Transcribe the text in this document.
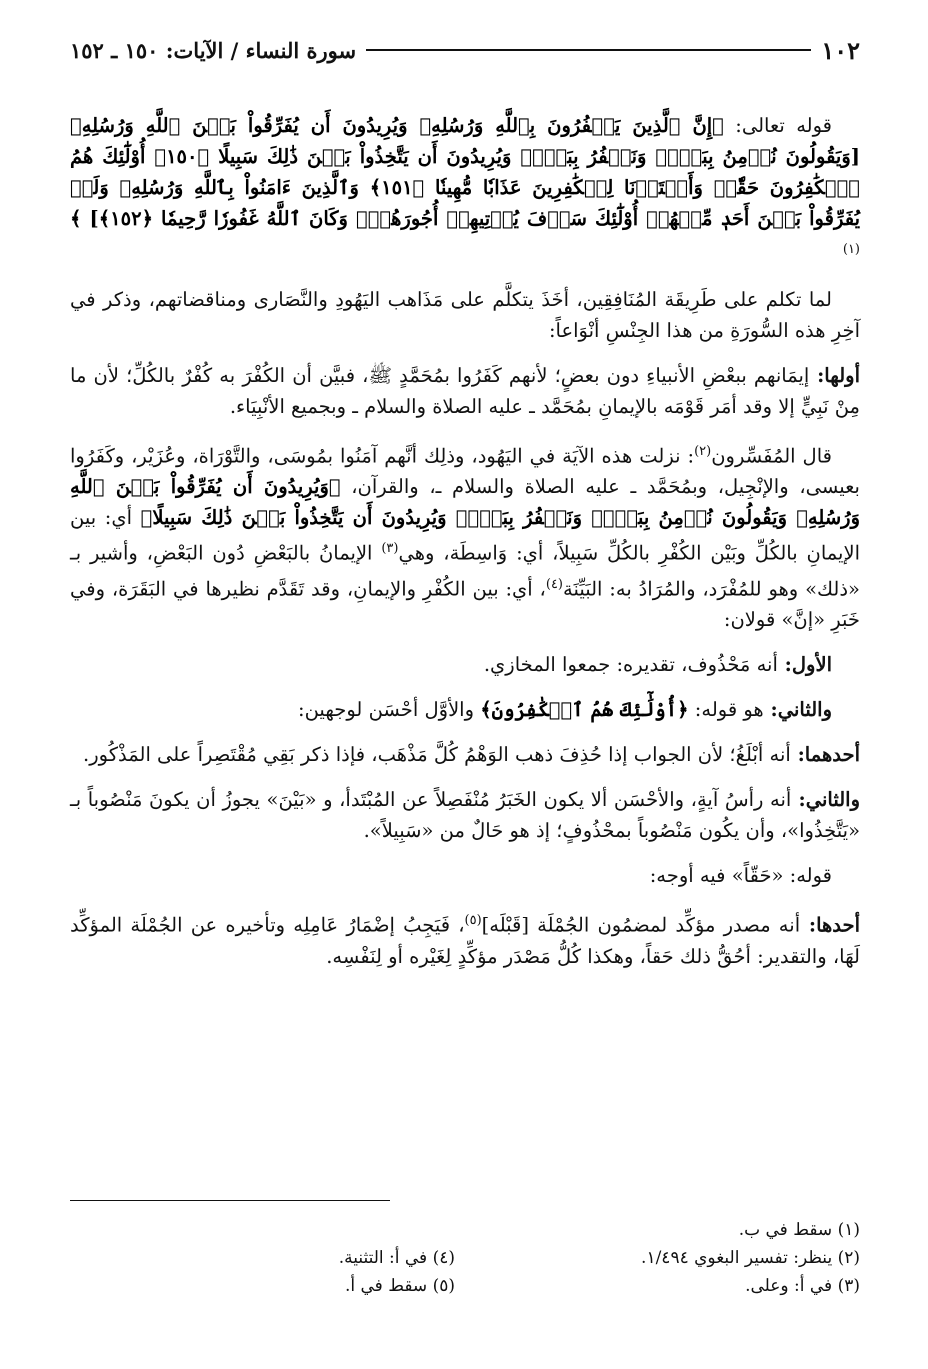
١٠٢
سورة النساء / الآيات: ١٥٠ ـ ١٥٢

قوله تعالى: ﴿إِنَّ ٱلَّذِينَ يَكۡفُرُونَ بِٱللَّهِ وَرُسُلِهِۦ وَيُرِيدُونَ أَن يُفَرِّقُواْ بَيۡنَ ٱللَّهِ وَرُسُلِهِۦ [وَيَقُولُونَ نُؤۡمِنُ بِبَعۡضٖ وَنَكۡفُرُ بِبَعۡضٖ وَيُرِيدُونَ أَن يَتَّخِذُواْ بَيۡنَ ذَٰلِكَ سَبِيلًا ﴿١٥٠﴾ أُوْلَٰٓئِكَ هُمُ ٱلۡكَٰفِرُونَ حَقّٗاۚ وَأَعۡتَدۡنَا لِلۡكَٰفِرِينَ عَذَابٗا مُّهِينٗا ﴿١٥١﴾ وَٱلَّذِينَ ءَامَنُواْ بِٱللَّهِ وَرُسُلِهِۦ وَلَمۡ يُفَرِّقُواْ بَيۡنَ أَحَدٖ مِّنۡهُمۡ أُوْلَٰٓئِكَ سَوۡفَ يُؤۡتِيهِمۡ أُجُورَهُمۡۚ وَكَانَ ٱللَّهُ غَفُورٗا رَّحِيمٗا ﴿١٥٢﴾] ﴾$^{(١)}$

لما تكلم على طَرِيقَة المُنَافِقِين، أخَذَ يتكلَّم على مَذَاهب اليَهُودِ والنَّصَارى ومناقضاتهم، وذكر في آخِرِ هذه السُّورَةِ من هذا الجِنْسِ أنْوَاعاً:

أولها: إيمَانهم ببعْضِ الأنبياءِ دون بعضٍ؛ لأنهم كَفَرُوا بمُحَمَّدٍ ﷺ، فبيَّن أن الكُفْرَ به كُفْرٌ بالكُلِّ؛ لأن ما مِنْ نَبِيٍّ إلا وقد أمَر قَوْمَه بالإيمانِ بمُحَمَّد ـ عليه الصلاة والسلام ـ وبجميع الأنْبِيَاء.

قال المُفَسِّرون$^{(٢)}$: نزلت هذه الآيَة في اليَهُود، وذلِك أنَّهم آمَنُوا بمُوسَى، والتَّوْرَاة، وعُزَيْر، وكَفَرُوا بعيسى، والإنْجِيل، وبمُحَمَّد ـ عليه الصلاة والسلام ـ، والقرآن، ﴿وَيُرِيدُونَ أَن يُفَرِّقُواْ بَيۡنَ ٱللَّهِ وَرُسُلِهِۦ وَيَقُولُونَ نُؤۡمِنُ بِبَعۡضٖ وَنَكۡفُرُ بِبَعۡضٖ وَيُرِيدُونَ أَن يَتَّخِذُواْ بَيۡنَ ذَٰلِكَ سَبِيلًا﴾ أي: بين الإيمانِ بالكُلِّ وبَيْن الكُفْرِ بالكُلِّ سَبِيلاً، أي: وَاسِطَة، وهي$^{(٣)}$ الإيمانُ بالبَعْضِ دُون البَعْضِ، وأشير بـ «ذلك» وهو للمُفْرَد، والمُرَادُ به: البَيِّنَة$^{(٤)}$، أي: بين الكُفْرِ والإيمانِ، وقد تَقَدَّم نظيرها في البَقَرَة، وفي خَبَرِ «إنَّ» قولان:

الأول: أنه مَحْذُوف، تقديره: جمعوا المخازي.

والثاني: هو قوله: ﴿أُوْلَٰٓئِكَ هُمُ ٱلۡكَٰفِرُونَ﴾ والأوَّل أحْسَن لوجهين:

أحدهما: أنه أبْلَغُ؛ لأن الجواب إذا حُذِفَ ذهب الوَهْمُ كُلَّ مَذْهَب، فإذا ذكر بَقِي مُقْتَصِراً على المَذْكُور.

والثاني: أنه رأسُ آيةٍ، والأحْسَن ألا يكون الخَبَرُ مُنْفَصِلاً عن المُبْتَدأ، و «بَيْنَ» يجوزُ أن يكونَ مَنْصُوباً بـ «يَتَّخِذُوا»، وأن يكُون مَنْصُوباً بمحْذُوفٍ؛ إذ هو حَالٌ من «سَبِيلاً».

قوله: «حَقّاً» فيه أوجه:

أحدها: أنه مصدر مؤكِّد لمضمُون الجُمْلَة [قَبْلَه]$^{(٥)}$، فَيَجِبُ إضْمَارُ عَامِلِه وتأخيره عن الجُمْلَة المؤكِّد لَهَا، والتقدير: أحُقُّ ذلك حَقاً، وهكذا كُلُّ مَصْدَر مؤكِّدٍ لِغَيْره أو لِنَفْسِه.

(١) سقط في ب.
(٢) ينظر: تفسير البغوي ١/٤٩٤.
(٤) في أ: التثنية.
(٣) في أ: وعلى.
(٥) سقط في أ.
